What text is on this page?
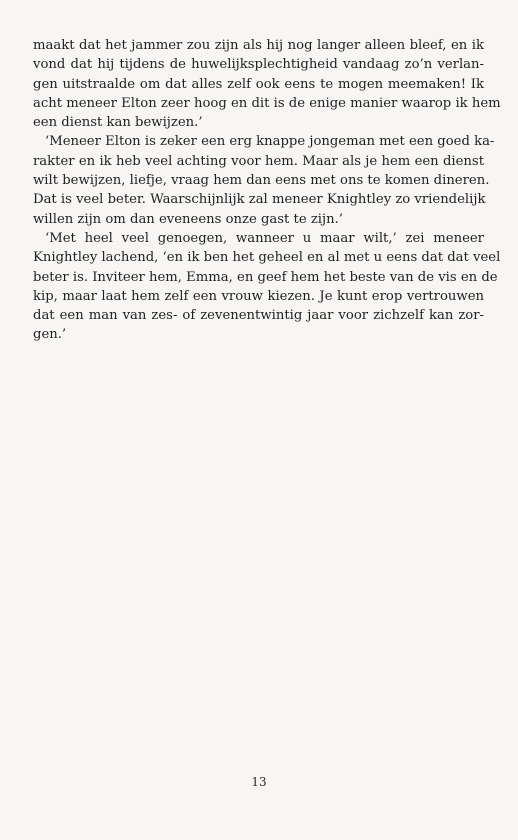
maakt dat het jammer zou zijn als hij nog langer alleen bleef, en ik
vond dat hij tijdens de huwelijksplechtigheid vandaag zo’n verlan-
gen uitstraalde om dat alles zelf ook eens te mogen meemaken! Ik
acht meneer Elton zeer hoog en dit is de enige manier waarop ik hem
een dienst kan bewijzen.’
‘Meneer Elton is zeker een erg knappe jongeman met een goed ka-
rakter en ik heb veel achting voor hem. Maar als je hem een dienst
wilt bewijzen, liefje, vraag hem dan eens met ons te komen dineren.
Dat is veel beter. Waarschijnlijk zal meneer Knightley zo vriendelijk
willen zijn om dan eveneens onze gast te zijn.’
‘Met heel veel genoegen, wanneer u maar wilt,’ zei meneer
Knightley lachend, ‘en ik ben het geheel en al met u eens dat dat veel
beter is. Inviteer hem, Emma, en geef hem het beste van de vis en de
kip, maar laat hem zelf een vrouw kiezen. Je kunt erop vertrouwen
dat een man van zes- of zevenentwintig jaar voor zichzelf kan zor-
gen.’
13
